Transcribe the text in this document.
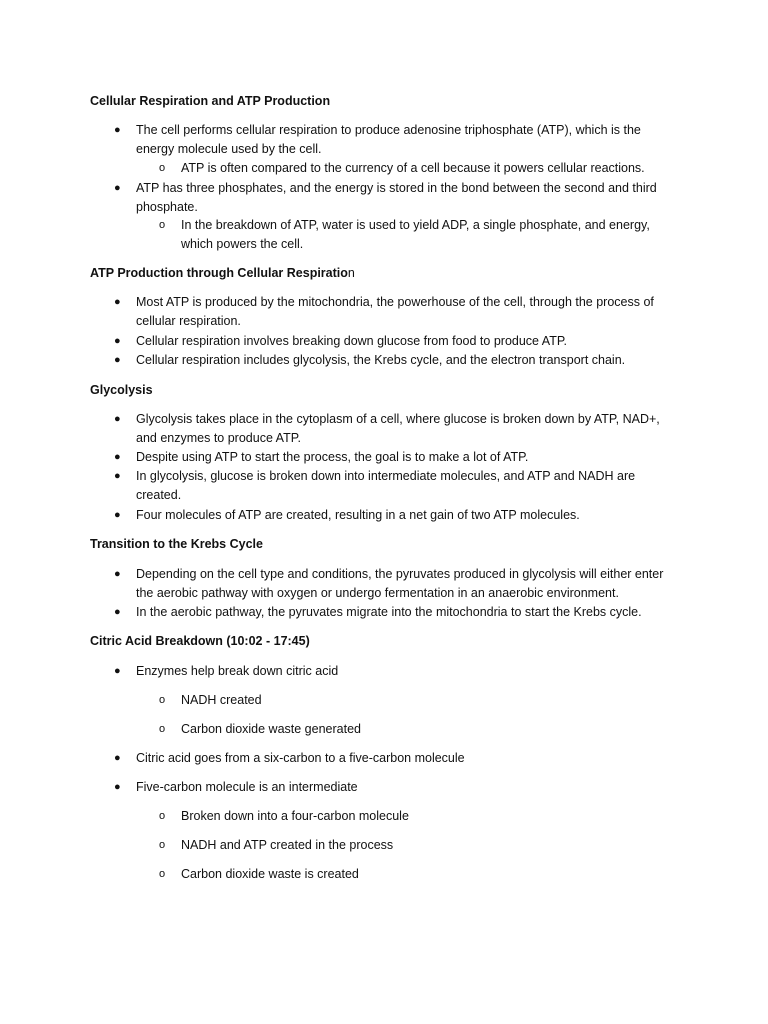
Cellular Respiration and ATP Production
● The cell performs cellular respiration to produce adenosine triphosphate (ATP), which is the
energy molecule used by the cell.
o ATP is often compared to the currency of a cell because it powers cellular reactions.
● ATP has three phosphates, and the energy is stored in the bond between the second and third
phosphate.
o In the breakdown of ATP, water is used to yield ADP, a single phosphate, and energy,
which powers the cell.
ATP Production through Cellular Respiration
● Most ATP is produced by the mitochondria, the powerhouse of the cell, through the process of
cellular respiration.
● Cellular respiration involves breaking down glucose from food to produce ATP.
● Cellular respiration includes glycolysis, the Krebs cycle, and the electron transport chain.
Glycolysis
● Glycolysis takes place in the cytoplasm of a cell, where glucose is broken down by ATP, NAD+,
and enzymes to produce ATP.
● Despite using ATP to start the process, the goal is to make a lot of ATP.
● In glycolysis, glucose is broken down into intermediate molecules, and ATP and NADH are
created.
● Four molecules of ATP are created, resulting in a net gain of two ATP molecules.
Transition to the Krebs Cycle
● Depending on the cell type and conditions, the pyruvates produced in glycolysis will either enter
the aerobic pathway with oxygen or undergo fermentation in an anaerobic environment.
● In the aerobic pathway, the pyruvates migrate into the mitochondria to start the Krebs cycle.
Citric Acid Breakdown (10:02 - 17:45)
● Enzymes help break down citric acid
o NADH created
o Carbon dioxide waste generated
● Citric acid goes from a six-carbon to a five-carbon molecule
● Five-carbon molecule is an intermediate
o Broken down into a four-carbon molecule
o NADH and ATP created in the process
o Carbon dioxide waste is created
